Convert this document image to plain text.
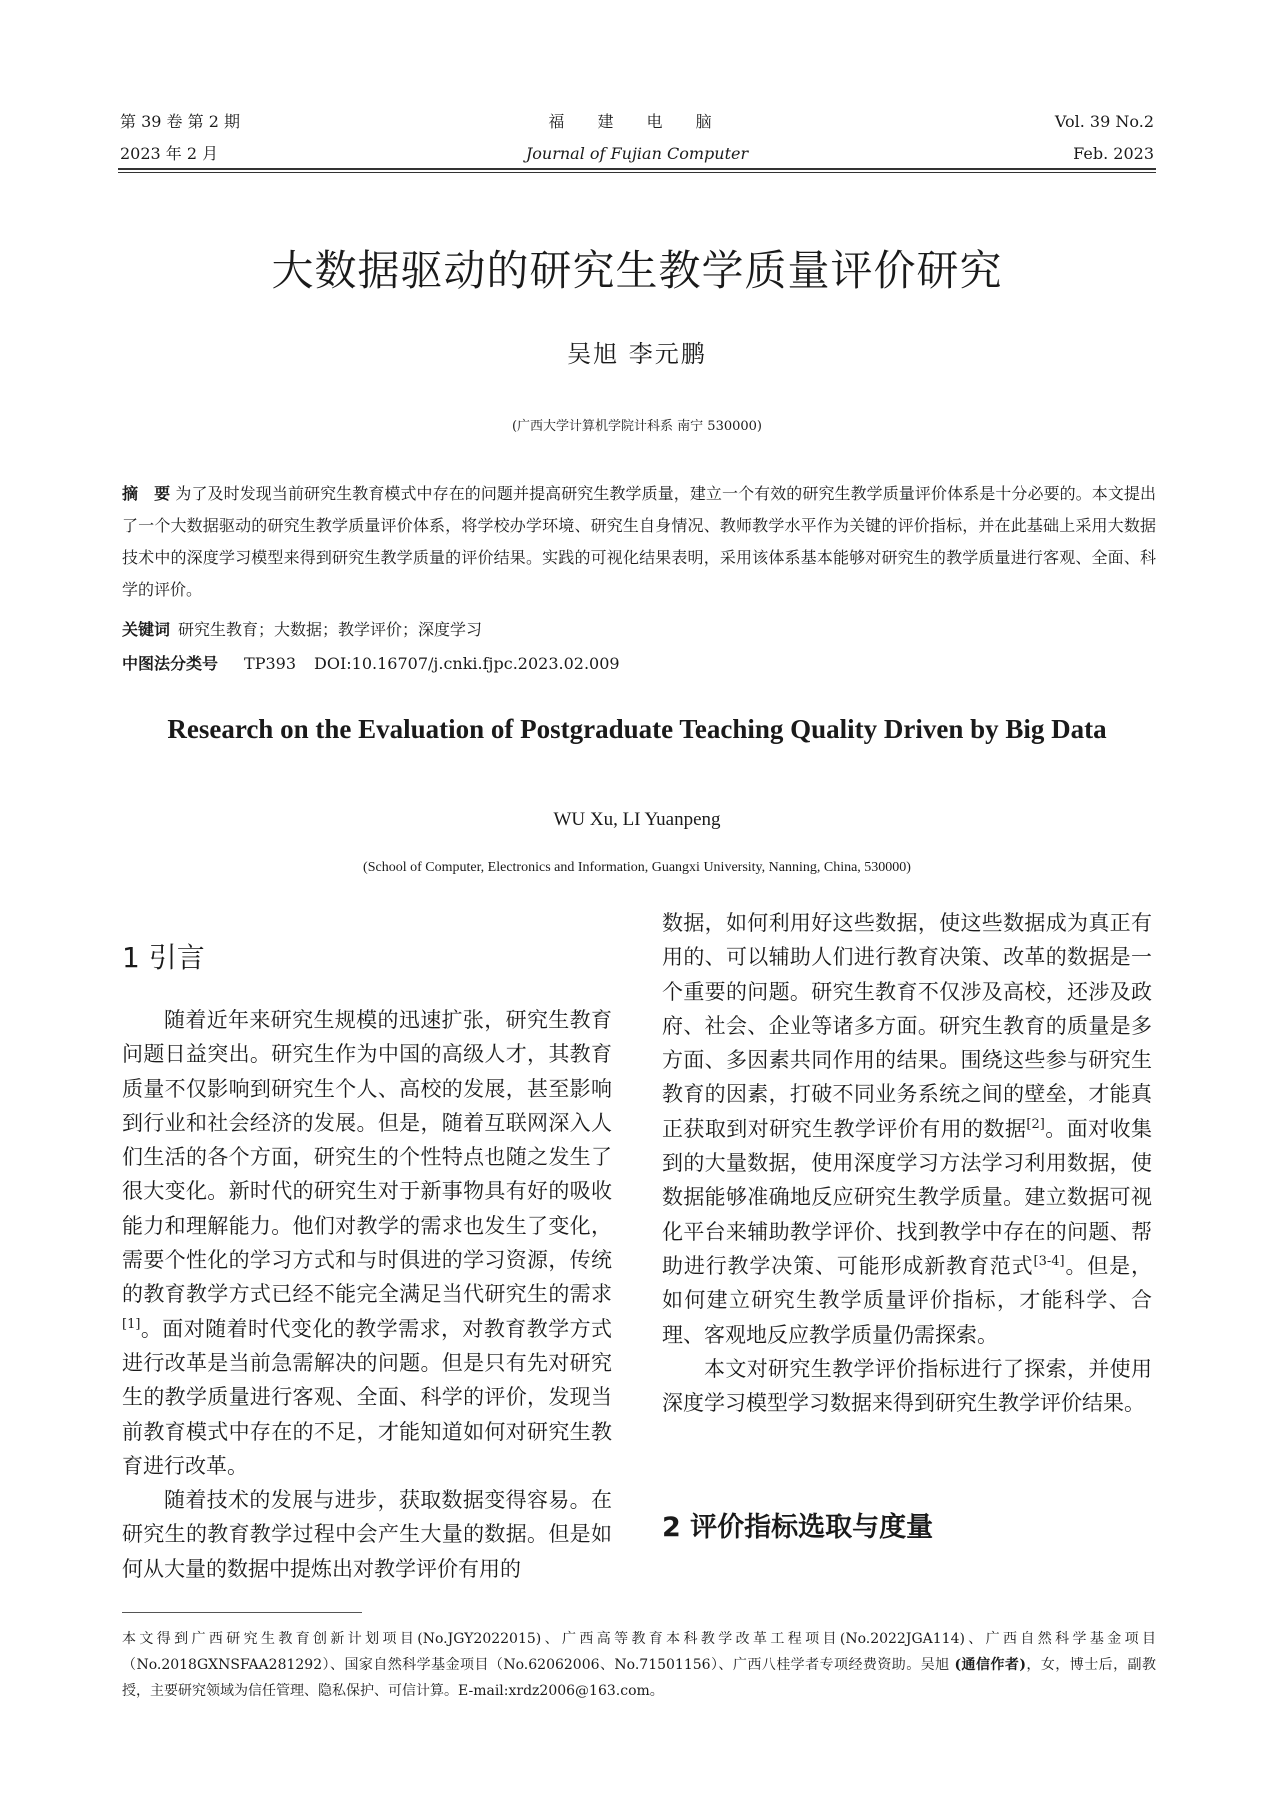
第 39 卷 第 2 期	福 建 电 脑	Vol. 39 No.2
2023 年 2 月	Journal of Fujian Computer	Feb. 2023
大数据驱动的研究生教学质量评价研究
吴旭 李元鹏
(广西大学计算机学院计科系 南宁 530000)
摘　要 为了及时发现当前研究生教育模式中存在的问题并提高研究生教学质量，建立一个有效的研究生教学质量评价体系是十分必要的。本文提出了一个大数据驱动的研究生教学质量评价体系，将学校办学环境、研究生自身情况、教师教学水平作为关键的评价指标，并在此基础上采用大数据技术中的深度学习模型来得到研究生教学质量的评价结果。实践的可视化结果表明，采用该体系基本能够对研究生的教学质量进行客观、全面、科学的评价。
关键词 研究生教育；大数据；教学评价；深度学习
中图法分类号 TP393 DOI:10.16707/j.cnki.fjpc.2023.02.009
Research on the Evaluation of Postgraduate Teaching Quality Driven by Big Data
WU Xu, LI Yuanpeng
(School of Computer, Electronics and Information, Guangxi University, Nanning, China, 530000)
1 引言

随着近年来研究生规模的迅速扩张，研究生教育问题日益突出。研究生作为中国的高级人才，其教育质量不仅影响到研究生个人、高校的发展，甚至影响到行业和社会经济的发展。但是，随着互联网深入人们生活的各个方面，研究生的个性特点也随之发生了很大变化。新时代的研究生对于新事物具有好的吸收能力和理解能力。他们对教学的需求也发生了变化，需要个性化的学习方式和与时俱进的学习资源，传统的教育教学方式已经不能完全满足当代研究生的需求[1]。面对随着时代变化的教学需求，对教育教学方式进行改革是当前急需解决的问题。但是只有先对研究生的教学质量进行客观、全面、科学的评价，发现当前教育模式中存在的不足，才能知道如何对研究生教育进行改革。

随着技术的发展与进步，获取数据变得容易。在研究生的教育教学过程中会产生大量的数据。但是如何从大量的数据中提炼出对教学评价有用的

数据，如何利用好这些数据，使这些数据成为真正有用的、可以辅助人们进行教育决策、改革的数据是一个重要的问题。研究生教育不仅涉及高校，还涉及政府、社会、企业等诸多方面。研究生教育的质量是多方面、多因素共同作用的结果。围绕这些参与研究生教育的因素，打破不同业务系统之间的壁垒，才能真正获取到对研究生教学评价有用的数据[2]。面对收集到的大量数据，使用深度学习方法学习利用数据，使数据能够准确地反应研究生教学质量。建立数据可视化平台来辅助教学评价、找到教学中存在的问题、帮助进行教学决策、可能形成新教育范式[3-4]。但是，如何建立研究生教学质量评价指标，才能科学、合理、客观地反应教学质量仍需探索。

本文对研究生教学评价指标进行了探索，并使用深度学习模型学习数据来得到研究生教学评价结果。

2 评价指标选取与度量
本文得到广西研究生教育创新计划项目(No.JGY2022015)、广西高等教育本科教学改革工程项目(No.2022JGA114)、广西自然科学基金项目（No.2018GXNSFAA281292）、国家自然科学基金项目（No.62062006、No.71501156）、广西八桂学者专项经费资助。吴旭 (通信作者)，女，博士后，副教授，主要研究领域为信任管理、隐私保护、可信计算。E-mail:xrdz2006@163.com。
